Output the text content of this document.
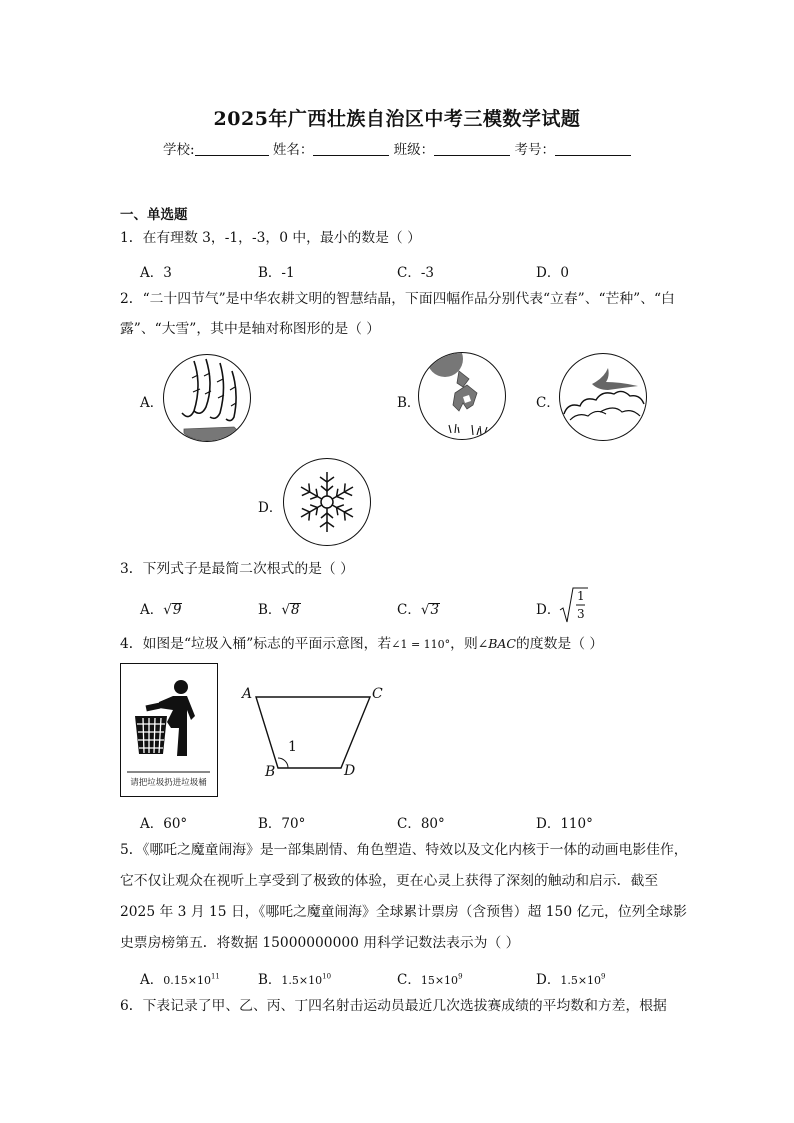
2025年广西壮族自治区中考三模数学试题
学校:	姓名：	班级：	考号：
一、单选题
1．在有理数 3，-1，-3，0 中，最小的数是（ ）
A．3	B．-1	C．-3	D．0
2．“二十四节气”是中华农耕文明的智慧结晶，下面四幅作品分别代表“立春”、“芒种”、“白
露”、“大雪”，其中是轴对称图形的是（ ）
A．	B．	C．
D．
3．下列式子是最简二次根式的是（ ）
A．√9	B．√8	C．√3	D．
1
3
4．如图是“垃圾入桶”标志的平面示意图，若∠1 = 110°，则∠BAC的度数是（ ）
请把垃圾扔进垃圾桶
A	C
B	D
1
A．60°	B．70°	C．80°	D．110°
5．《哪吒之魔童闹海》是一部集剧情、角色塑造、特效以及文化内核于一体的动画电影佳作，
它不仅让观众在视听上享受到了极致的体验，更在心灵上获得了深刻的触动和启示．截至
2025 年 3 月 15 日，《哪吒之魔童闹海》全球累计票房（含预售）超 150 亿元，位列全球影
史票房榜第五．将数据 15000000000 用科学记数法表示为（ ）
A．$0.15\times 10^{11}$	B．$1.5\times 10^{10}$	C．$15\times 10^9$	D．$1.5\times 10^9$
6．下表记录了甲、乙、丙、丁四名射击运动员最近几次选拔赛成绩的平均数和方差，根据
